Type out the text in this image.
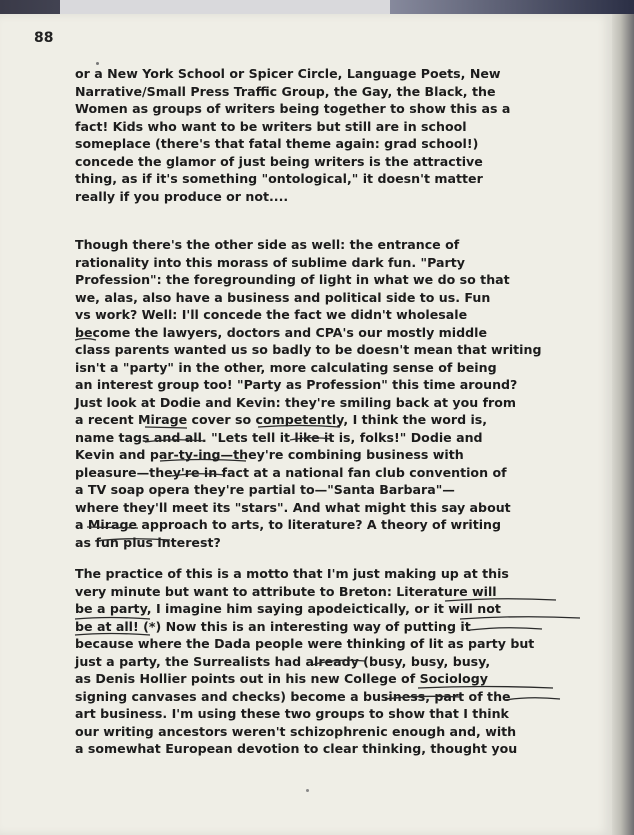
88
or a New York School or Spicer Circle, Language Poets, New
Narrative/Small Press Traffic Group, the Gay, the Black, the
Women as groups of writers being together to show this as a
fact! Kids who want to be writers but still are in school
someplace (there's that fatal theme again: grad school!)
concede the glamor of just being writers is the attractive
thing, as if it's something "ontological," it doesn't matter
really if you produce or not....
Though there's the other side as well: the entrance of
rationality into this morass of sublime dark fun. "Party
Profession": the foregrounding of light in what we do so that
we, alas, also have a business and political side to us. Fun
vs work? Well: I'll concede the fact we didn't wholesale
become the lawyers, doctors and CPA's our mostly middle
class parents wanted us so badly to be doesn't mean that writing
isn't a "party" in the other, more calculating sense of being
an interest group too! "Party as Profession" this time around?
Just look at Dodie and Kevin: they're smiling back at you from
a recent Mirage cover so competently, I think the word is,
name tags and all. "Lets tell it like it is, folks!" Dodie and
Kevin and par-ty-ing—they're combining business with
pleasure—they're in fact at a national fan club convention of
a TV soap opera they're partial to—"Santa Barbara"—
where they'll meet its "stars". And what might this say about
a Mirage approach to arts, to literature? A theory of writing
as fun plus interest?
The practice of this is a motto that I'm just making up at this
very minute but want to attribute to Breton: Literature will
be a party, I imagine him saying apodeictically, or it will not
be at all! (*) Now this is an interesting way of putting it
because where the Dada people were thinking of lit as party but
just a party, the Surrealists had already (busy, busy, busy,
as Denis Hollier points out in his new College of Sociology
signing canvases and checks) become a business, part of the
art business. I'm using these two groups to show that I think
our writing ancestors weren't schizophrenic enough and, with
a somewhat European devotion to clear thinking, thought you
